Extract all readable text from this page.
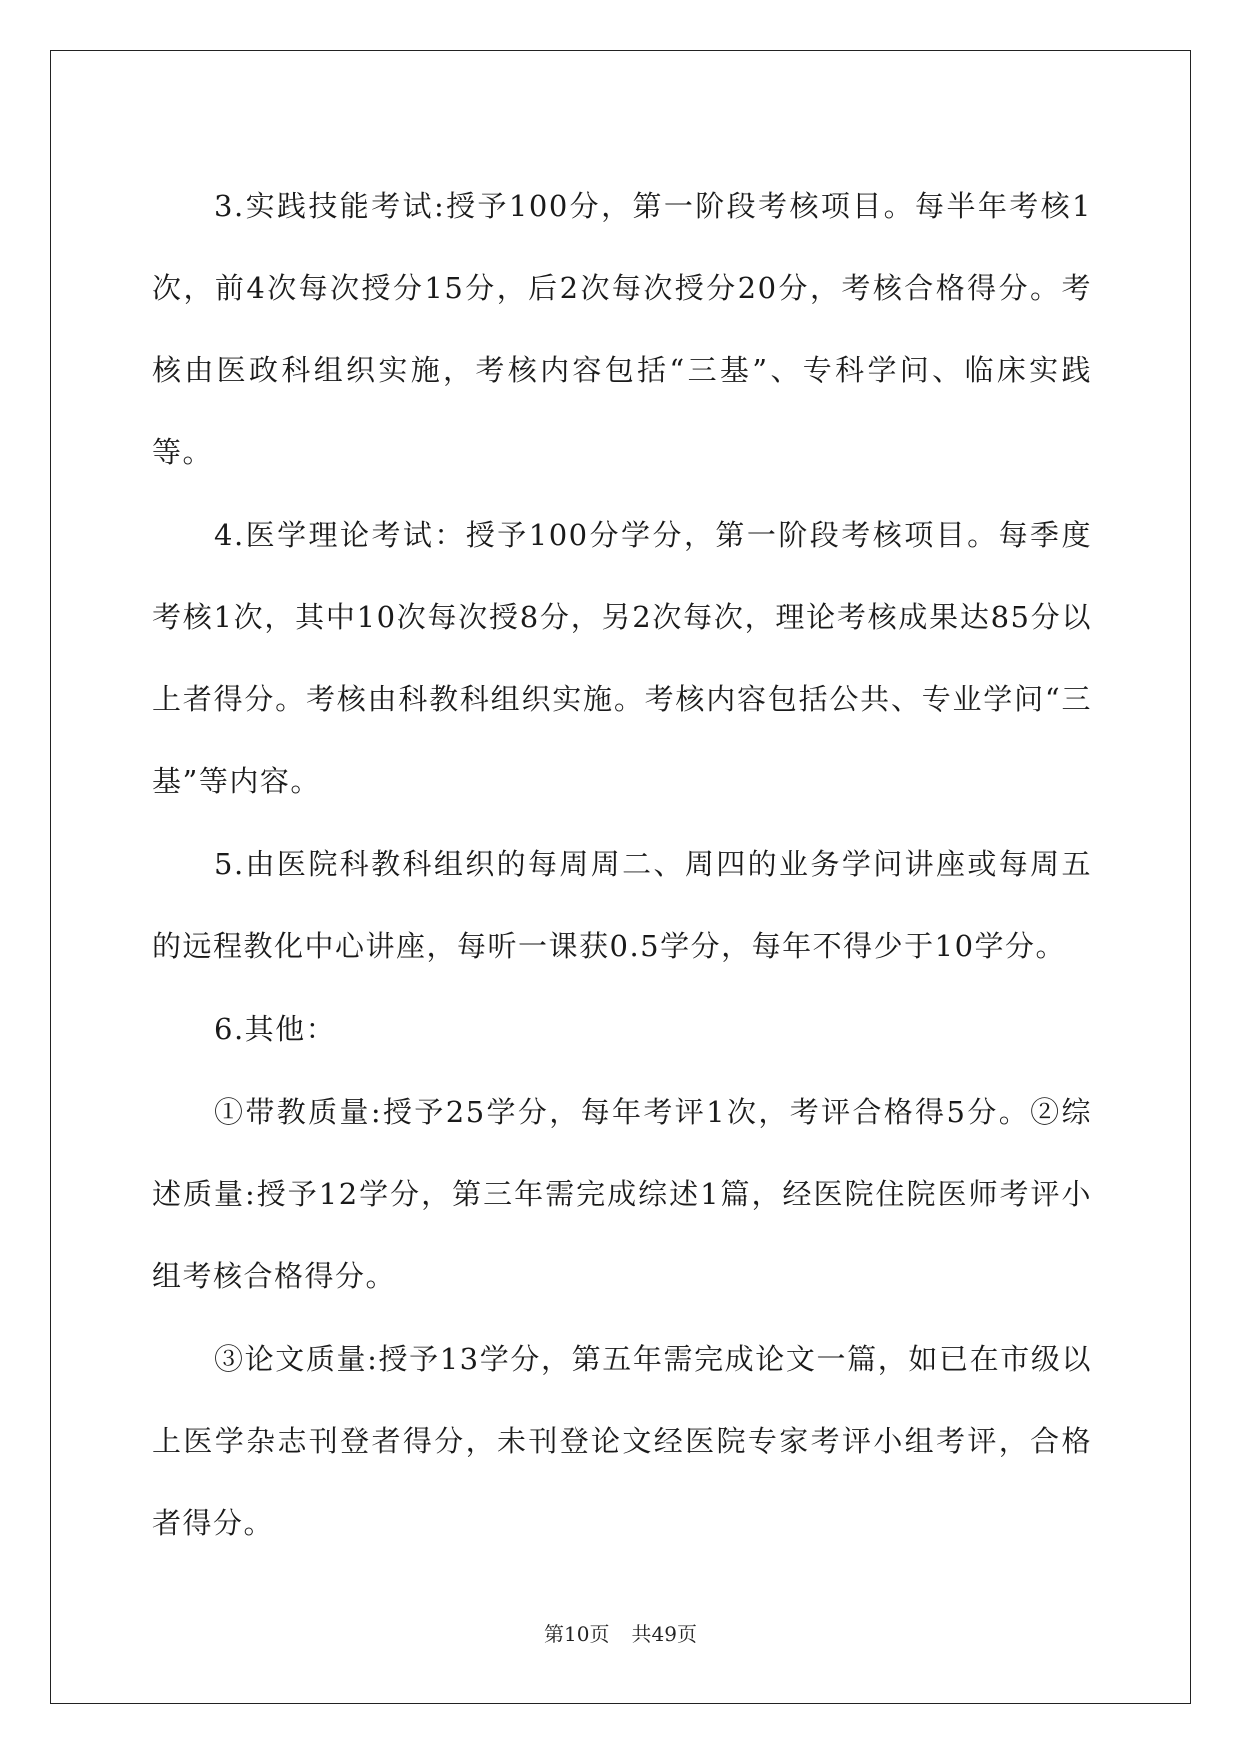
3.实践技能考试:授予100分，第一阶段考核项目。每半年考核1次，前4次每次授分15分，后2次每次授分20分，考核合格得分。考核由医政科组织实施，考核内容包括“三基”、专科学问、临床实践等。

4.医学理论考试：授予100分学分，第一阶段考核项目。每季度考核1次，其中10次每次授8分，另2次每次，理论考核成果达85分以上者得分。考核由科教科组织实施。考核内容包括公共、专业学问“三基”等内容。

5.由医院科教科组织的每周周二、周四的业务学问讲座或每周五的远程教化中心讲座，每听一课获0.5学分，每年不得少于10学分。

6.其他：

①带教质量:授予25学分，每年考评1次，考评合格得5分。②综述质量:授予12学分，第三年需完成综述1篇，经医院住院医师考评小组考核合格得分。

③论文质量:授予13学分，第五年需完成论文一篇，如已在市级以上医学杂志刊登者得分，未刊登论文经医院专家考评小组考评，合格者得分。

第10页 共49页
